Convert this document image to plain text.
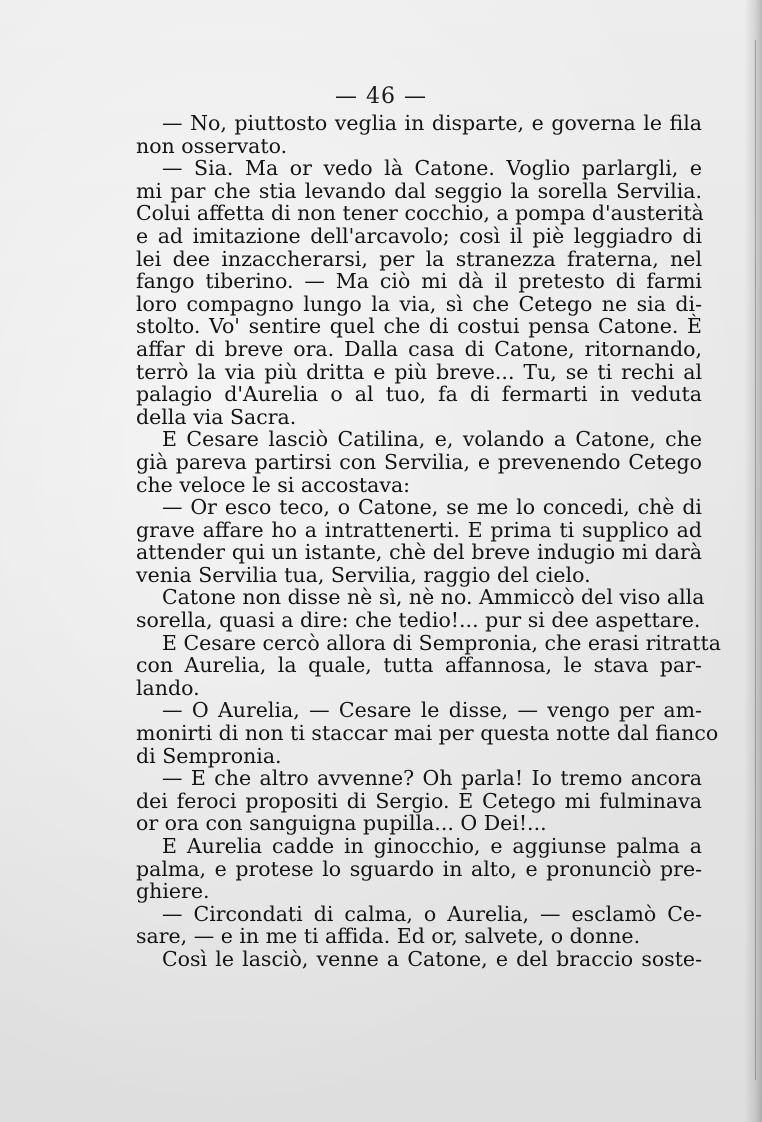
— 46 —
— No, piuttosto veglia in disparte, e governa le fila
non osservato.
— Sia. Ma or vedo là Catone. Voglio parlargli, e
mi par che stia levando dal seggio la sorella Servilia.
Colui affetta di non tener cocchio, a pompa d'austerità
e ad imitazione dell'arcavolo; così il piè leggiadro di
lei dee inzaccherarsi, per la stranezza fraterna, nel
fango tiberino. — Ma ciò mi dà il pretesto di farmi
loro compagno lungo la via, sì che Cetego ne sia di-
stolto. Vo' sentire quel che di costui pensa Catone. È
affar di breve ora. Dalla casa di Catone, ritornando,
terrò la via più dritta e più breve... Tu, se ti rechi al
palagio d'Aurelia o al tuo, fa di fermarti in veduta
della via Sacra.
E Cesare lasciò Catilina, e, volando a Catone, che
già pareva partirsi con Servilia, e prevenendo Cetego
che veloce le si accostava:
— Or esco teco, o Catone, se me lo concedi, chè di
grave affare ho a intrattenerti. E prima ti supplico ad
attender qui un istante, chè del breve indugio mi darà
venia Servilia tua, Servilia, raggio del cielo.
Catone non disse nè sì, nè no. Ammiccò del viso alla
sorella, quasi a dire: che tedio!... pur si dee aspettare.
E Cesare cercò allora di Sempronia, che erasi ritratta
con Aurelia, la quale, tutta affannosa, le stava par-
lando.
— O Aurelia, — Cesare le disse, — vengo per am-
monirti di non ti staccar mai per questa notte dal fianco
di Sempronia.
— E che altro avvenne? Oh parla! Io tremo ancora
dei feroci propositi di Sergio. E Cetego mi fulminava
or ora con sanguigna pupilla... O Dei!...
E Aurelia cadde in ginocchio, e aggiunse palma a
palma, e protese lo sguardo in alto, e pronunciò pre-
ghiere.
— Circondati di calma, o Aurelia, — esclamò Ce-
sare, — e in me ti affida. Ed or, salvete, o donne.
Così le lasciò, venne a Catone, e del braccio soste-
